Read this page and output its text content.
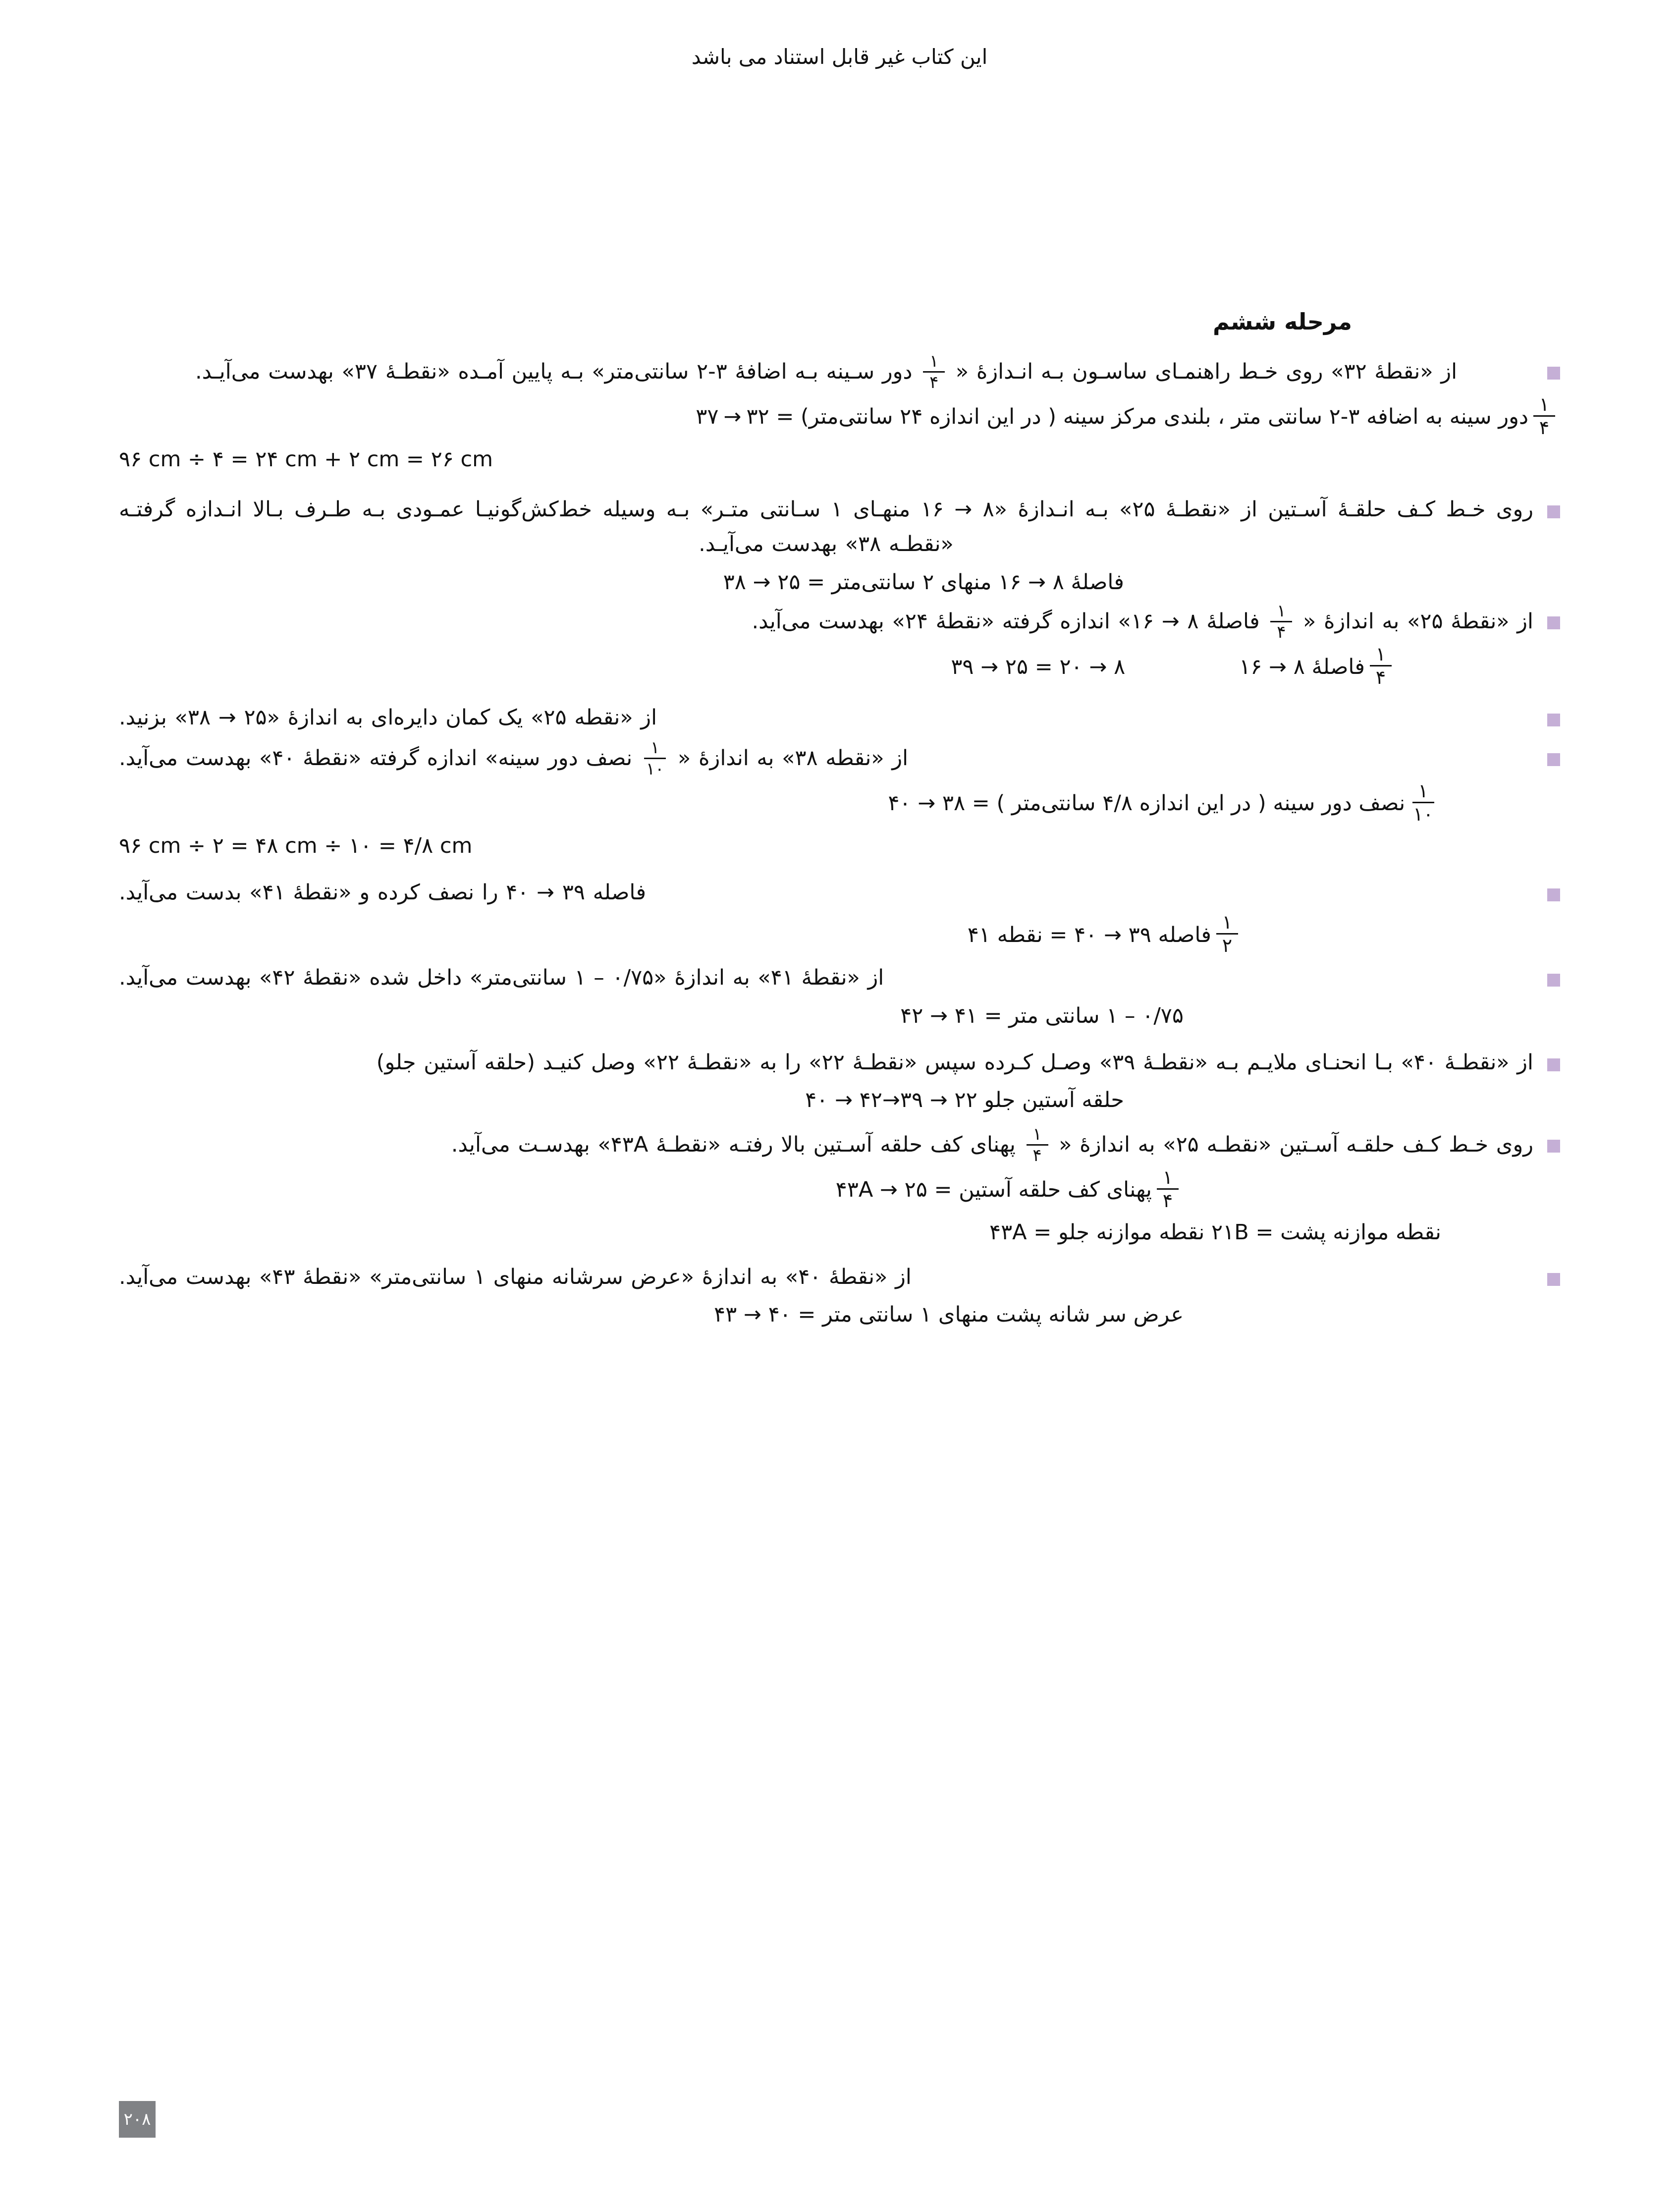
این کتاب غیر قابل استناد می باشد
مرحله ششم

از «نقطهٔ ۳۲» روی خـط راهنمـای ساسـون بـه انـدازهٔ «
$\frac{۱}{۴}$
دور سـینه بـه اضافهٔ ۳-۲ سانتی‌متر» بـه پایین آمـده «نقطـهٔ ۳۷» بهدست می‌آیـد.

$\frac{۱}{۴}$
دور سینه به اضافه ۳-۲ سانتی متر ، بلندی مرکز سینه ( در این اندازه ۲۴ سانتی‌متر) = ۳۲
→
۳۷
۹۶ cm ÷ ۴ = ۲۴ cm + ۲ cm = ۲۶ cm

روی خـط کـف حلقـهٔ آسـتین از «نقطـهٔ ۲۵» بـه انـدازهٔ «۸ → ۱۶ منهـای ۱ سـانتی متـر» بـه وسیله خط‌کش‌گونیـا عمـودی بـه طـرف بـالا انـدازه گرفتـه «نقطـه ۳۸» بهدست می‌آیـد.

فاصلهٔ ۸ → ۱۶ منهای ۲ سانتی‌متر = ۲۵ → ۳۸

از «نقطهٔ ۲۵» به اندازهٔ «
$\frac{۱}{۴}$
فاصلهٔ ۸ → ۱۶» اندازه گرفته «نقطهٔ ۲۴» بهدست می‌آید.

$\frac{۱}{۴}$
فاصلهٔ ۸ → ۱۶
۸ → ۲۰ = ۲۵ → ۳۹

از «نقطه ۲۵» یک کمان دایره‌ای به اندازهٔ «۲۵ → ۳۸» بزنید.

از «نقطه ۳۸» به اندازهٔ «
$\frac{۱}{۱۰}$
نصف دور سینه» اندازه گرفته «نقطهٔ ۴۰» بهدست می‌آید.

$\frac{۱}{۱۰}$
نصف دور سینه ( در این اندازه ۴/۸ سانتی‌متر ) = ۳۸ → ۴۰
۹۶ cm ÷ ۲ = ۴۸ cm ÷ ۱۰ = ۴/۸ cm

فاصله ۳۹ → ۴۰ را نصف کرده و «نقطهٔ ۴۱» بدست می‌آید.

$\frac{۱}{۲}$
فاصله ۳۹ → ۴۰ = نقطه ۴۱

از «نقطهٔ ۴۱» به اندازهٔ «۰/۷۵ – ۱ سانتی‌متر» داخل شده «نقطهٔ ۴۲» بهدست می‌آید.

۰/۷۵ – ۱ سانتی متر = ۴۱ → ۴۲

از «نقطـهٔ ۴۰» بـا انحنـای ملایـم بـه «نقطـهٔ ۳۹» وصـل کـرده سپس «نقطـهٔ ۲۲» را به «نقطـهٔ ۲۲» وصل کنیـد (حلقه آستین جلو)

حلقه آستین جلو ۲۲ → ۳۹→۴۲ → ۴۰

روی خـط کـف حلقـه آسـتین «نقطـه ۲۵» به اندازهٔ «
$\frac{۱}{۴}$
پهنای کف حلقه آسـتین بالا رفتـه «نقطـهٔ ۴۳A» بهدسـت می‌آید.

$\frac{۱}{۴}$
پهنای کف حلقه آستین = ۴۳A → ۲۵
نقطه موازنه پشت = ۲۱B نقطه موازنه جلو = ۴۳A

از «نقطهٔ ۴۰» به اندازهٔ «عرض سرشانه منهای ۱ سانتی‌متر» «نقطهٔ ۴۳» بهدست می‌آید.

عرض سر شانه پشت منهای ۱ سانتی متر = ۴۰ → ۴۳
۲۰۸
